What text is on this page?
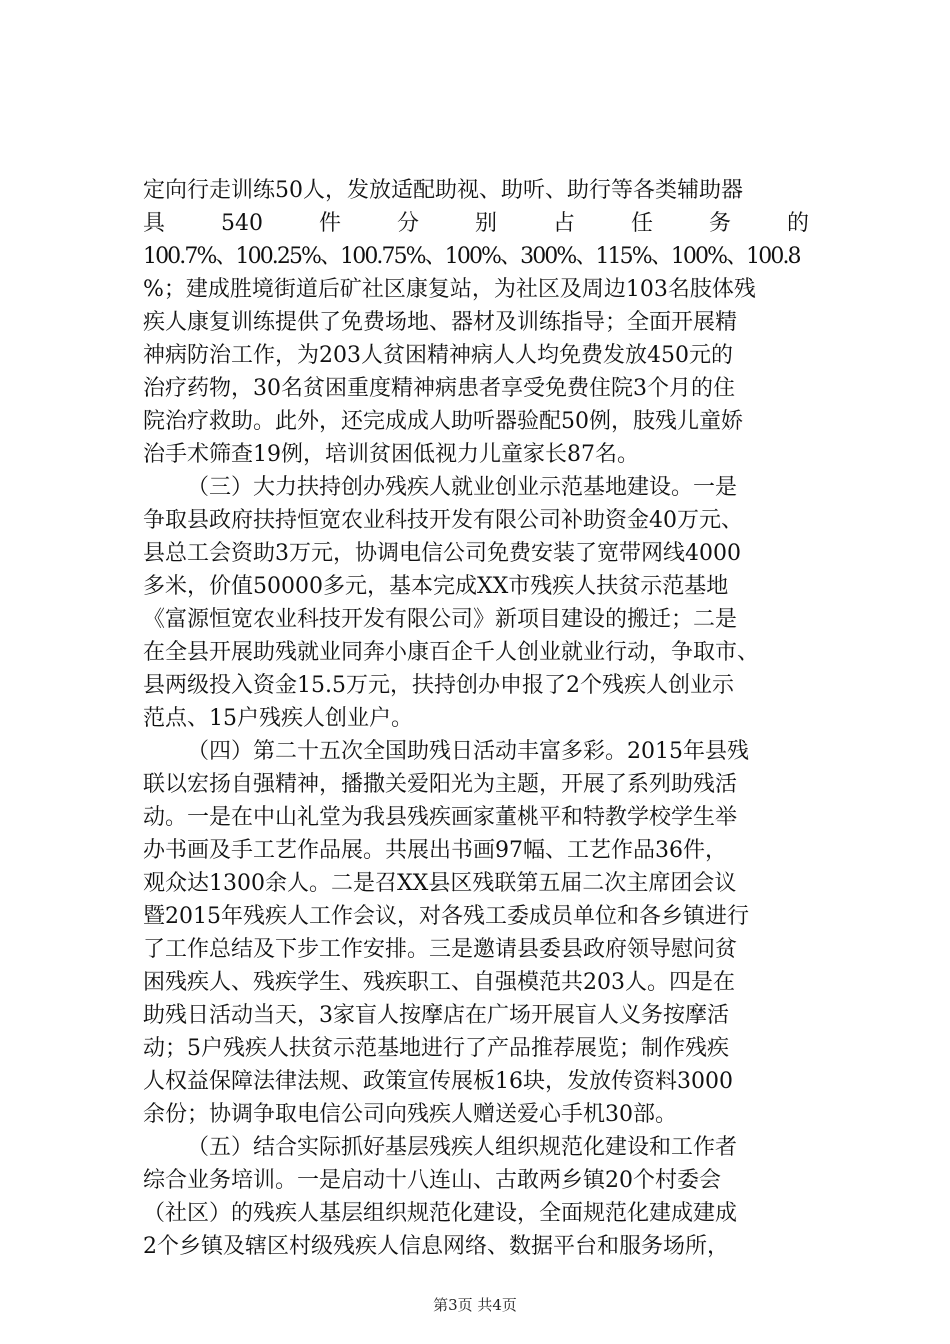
定向行走训练50人，发放适配助视、助听、助行等各类辅助器
具　540　件　分　别　占　任　务　的
100.7%、100.25%、100.75%、100%、300%、115%、100%、100.8
%；建成胜境街道后矿社区康复站，为社区及周边103名肢体残
疾人康复训练提供了免费场地、器材及训练指导；全面开展精
神病防治工作，为203人贫困精神病人人均免费发放450元的
治疗药物，30名贫困重度精神病患者享受免费住院3个月的住
院治疗救助。此外，还完成成人助听器验配50例，肢残儿童娇
治手术筛查19例，培训贫困低视力儿童家长87名。
（三）大力扶持创办残疾人就业创业示范基地建设。一是
争取县政府扶持恒宽农业科技开发有限公司补助资金40万元、
县总工会资助3万元，协调电信公司免费安装了宽带网线4000
多米，价值50000多元，基本完成XX市残疾人扶贫示范基地
《富源恒宽农业科技开发有限公司》新项目建设的搬迁；二是
在全县开展助残就业同奔小康百企千人创业就业行动，争取市、
县两级投入资金15.5万元，扶持创办申报了2个残疾人创业示
范点、15户残疾人创业户。
（四）第二十五次全国助残日活动丰富多彩。2015年县残
联以宏扬自强精神，播撒关爱阳光为主题，开展了系列助残活
动。一是在中山礼堂为我县残疾画家董桃平和特教学校学生举
办书画及手工艺作品展。共展出书画97幅、工艺作品36件，
观众达1300余人。二是召XX县区残联第五届二次主席团会议
暨2015年残疾人工作会议，对各残工委成员单位和各乡镇进行
了工作总结及下步工作安排。三是邀请县委县政府领导慰问贫
困残疾人、残疾学生、残疾职工、自强模范共203人。四是在
助残日活动当天，3家盲人按摩店在广场开展盲人义务按摩活
动；5户残疾人扶贫示范基地进行了产品推荐展览；制作残疾
人权益保障法律法规、政策宣传展板16块，发放传资料3000
余份；协调争取电信公司向残疾人赠送爱心手机30部。
（五）结合实际抓好基层残疾人组织规范化建设和工作者
综合业务培训。一是启动十八连山、古敢两乡镇20个村委会
（社区）的残疾人基层组织规范化建设，全面规范化建成建成
2个乡镇及辖区村级残疾人信息网络、数据平台和服务场所，
第3页 共4页
